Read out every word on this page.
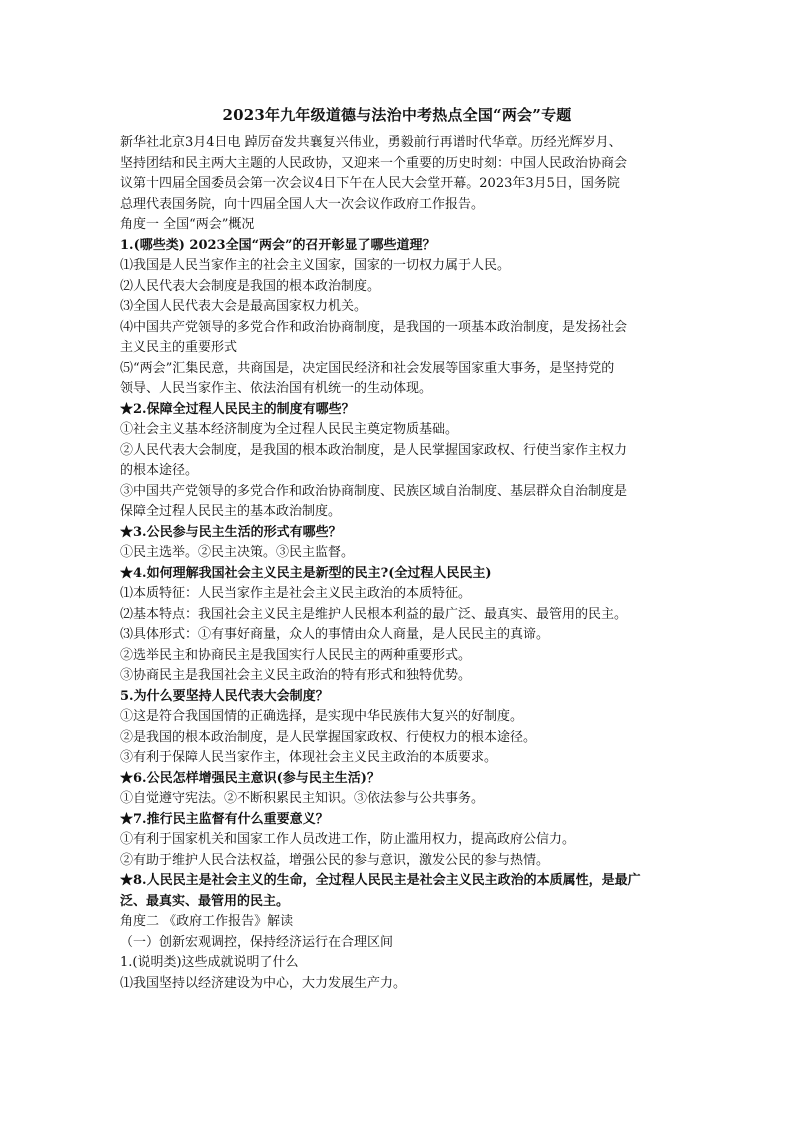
2023年九年级道德与法治中考热点全国“两会”专题
新华社北京3月4日电 踔厉奋发共襄复兴伟业，勇毅前行再谱时代华章。历经光辉岁月、
坚持团结和民主两大主题的人民政协，又迎来一个重要的历史时刻：中国人民政治协商会
议第十四届全国委员会第一次会议4日下午在人民大会堂开幕。2023年3月5日，国务院
总理代表国务院，向十四届全国人大一次会议作政府工作报告。
角度一 全国“两会”概况
1.(哪些类) 2023全国“两会”的召开彰显了哪些道理？
⑴我国是人民当家作主的社会主义国家，国家的一切权力属于人民。
⑵人民代表大会制度是我国的根本政治制度。
⑶全国人民代表大会是最高国家权力机关。
⑷中国共产党领导的多党合作和政治协商制度，是我国的一项基本政治制度，是发扬社会
主义民主的重要形式
⑸“两会”汇集民意，共商国是，决定国民经济和社会发展等国家重大事务，是坚持党的
领导、人民当家作主、依法治国有机统一的生动体现。
★2.保障全过程人民民主的制度有哪些？
①社会主义基本经济制度为全过程人民民主奠定物质基础。
②人民代表大会制度，是我国的根本政治制度，是人民掌握国家政权、行使当家作主权力
的根本途径。
③中国共产党领导的多党合作和政治协商制度、民族区域自治制度、基层群众自治制度是
保障全过程人民民主的基本政治制度。
★3.公民参与民主生活的形式有哪些？
①民主选举。②民主决策。③民主监督。
★4.如何理解我国社会主义民主是新型的民主?(全过程人民民主)
⑴本质特征：人民当家作主是社会主义民主政治的本质特征。
⑵基本特点：我国社会主义民主是维护人民根本利益的最广泛、最真实、最管用的民主。
⑶具体形式：①有事好商量，众人的事情由众人商量，是人民民主的真谛。
②选举民主和协商民主是我国实行人民民主的两种重要形式。
③协商民主是我国社会主义民主政治的特有形式和独特优势。
5.为什么要坚持人民代表大会制度？
①这是符合我国国情的正确选择，是实现中华民族伟大复兴的好制度。
②是我国的根本政治制度，是人民掌握国家政权、行使权力的根本途径。
③有利于保障人民当家作主，体现社会主义民主政治的本质要求。
★6.公民怎样增强民主意识(参与民主生活)？
①自觉遵守宪法。②不断积累民主知识。③依法参与公共事务。
★7.推行民主监督有什么重要意义？
①有利于国家机关和国家工作人员改进工作，防止滥用权力，提高政府公信力。
②有助于维护人民合法权益，增强公民的参与意识，激发公民的参与热情。
★8.人民民主是社会主义的生命，全过程人民民主是社会主义民主政治的本质属性，是最广
泛、最真实、最管用的民主。
角度二 《政府工作报告》解读
（一）创新宏观调控，保持经济运行在合理区间
1.(说明类)这些成就说明了什么
⑴我国坚持以经济建设为中心，大力发展生产力。
